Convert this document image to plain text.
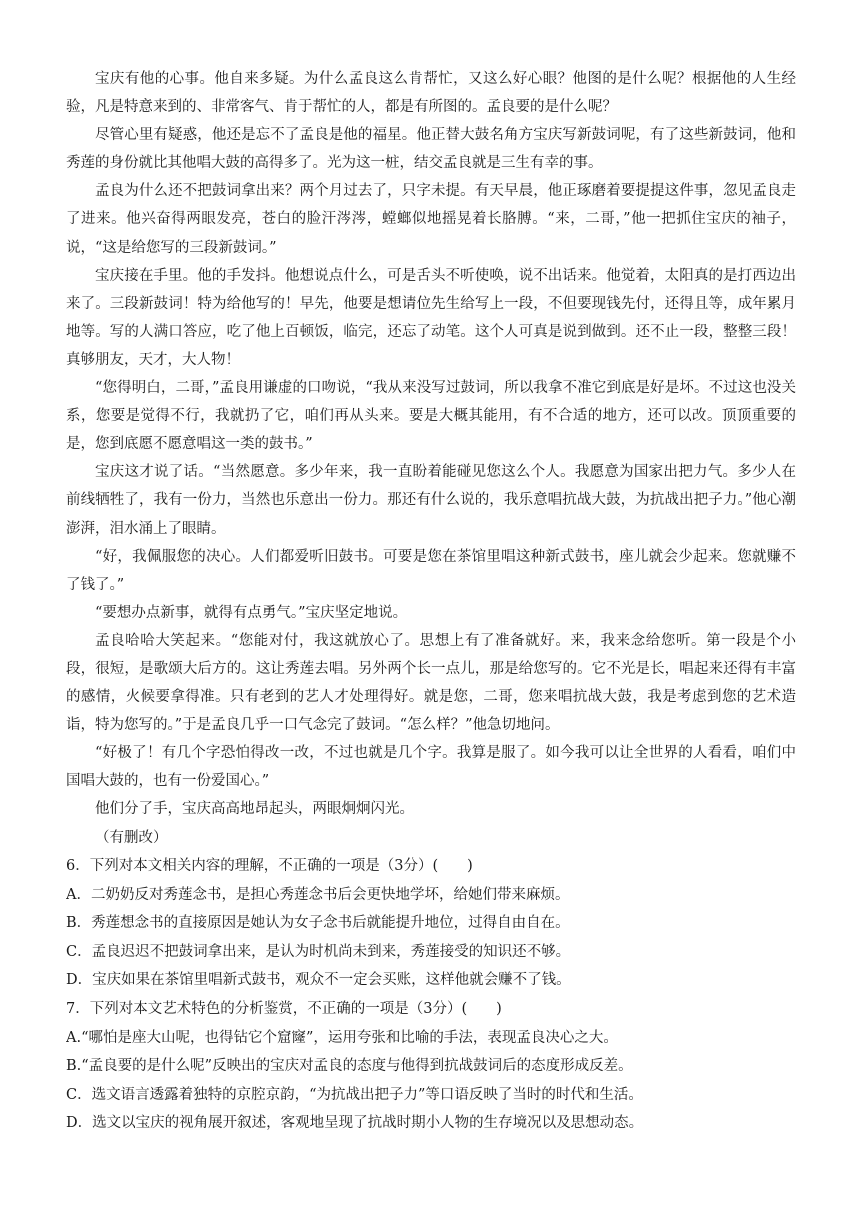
宝庆有他的心事。他自来多疑。为什么孟良这么肯帮忙，又这么好心眼？他图的是什么呢？根据他的人生经验，凡是特意来到的、非常客气、肯于帮忙的人，都是有所图的。孟良要的是什么呢？

尽管心里有疑惑，他还是忘不了孟良是他的福星。他正替大鼓名角方宝庆写新鼓词呢，有了这些新鼓词，他和秀莲的身份就比其他唱大鼓的高得多了。光为这一桩，结交孟良就是三生有幸的事。

孟良为什么还不把鼓词拿出来？两个月过去了，只字未提。有天早晨，他正琢磨着要提提这件事，忽见孟良走了进来。他兴奋得两眼发亮，苍白的脸汗涔涔，螳螂似地摇晃着长胳膊。“来，二哥，”他一把抓住宝庆的袖子，说，“这是给您写的三段新鼓词。”

宝庆接在手里。他的手发抖。他想说点什么，可是舌头不听使唤，说不出话来。他觉着，太阳真的是打西边出来了。三段新鼓词！特为给他写的！早先，他要是想请位先生给写上一段，不但要现钱先付，还得且等，成年累月地等。写的人满口答应，吃了他上百顿饭，临完，还忘了动笔。这个人可真是说到做到。还不止一段，整整三段！真够朋友，天才，大人物！

“您得明白，二哥，”孟良用谦虚的口吻说，“我从来没写过鼓词，所以我拿不准它到底是好是坏。不过这也没关系，您要是觉得不行，我就扔了它，咱们再从头来。要是大概其能用，有不合适的地方，还可以改。顶顶重要的是，您到底愿不愿意唱这一类的鼓书。”

宝庆这才说了话。“当然愿意。多少年来，我一直盼着能碰见您这么个人。我愿意为国家出把力气。多少人在前线牺牲了，我有一份力，当然也乐意出一份力。那还有什么说的，我乐意唱抗战大鼓，为抗战出把子力。”他心潮澎湃，泪水涌上了眼睛。

“好，我佩服您的决心。人们都爱听旧鼓书。可要是您在茶馆里唱这种新式鼓书，座儿就会少起来。您就赚不了钱了。”

“要想办点新事，就得有点勇气。”宝庆坚定地说。

孟良哈哈大笑起来。“您能对付，我这就放心了。思想上有了准备就好。来，我来念给您听。第一段是个小段，很短，是歌颂大后方的。这让秀莲去唱。另外两个长一点儿，那是给您写的。它不光是长，唱起来还得有丰富的感情，火候要拿得准。只有老到的艺人才处理得好。就是您，二哥，您来唱抗战大鼓，我是考虑到您的艺术造诣，特为您写的。”于是孟良几乎一口气念完了鼓词。“怎么样？”他急切地问。

“好极了！有几个字恐怕得改一改，不过也就是几个字。我算是服了。如今我可以让全世界的人看看，咱们中国唱大鼓的，也有一份爱国心。”

他们分了手，宝庆高高地昂起头，两眼炯炯闪光。

（有删改）

6．下列对本文相关内容的理解，不正确的一项是（3分）(　　)

A．二奶奶反对秀莲念书，是担心秀莲念书后会更快地学坏，给她们带来麻烦。

B．秀莲想念书的直接原因是她认为女子念书后就能提升地位，过得自由自在。

C．孟良迟迟不把鼓词拿出来，是认为时机尚未到来，秀莲接受的知识还不够。

D．宝庆如果在茶馆里唱新式鼓书，观众不一定会买账，这样他就会赚不了钱。

7．下列对本文艺术特色的分析鉴赏，不正确的一项是（3分）(　　)

A.“哪怕是座大山呢，也得钻它个窟窿”，运用夸张和比喻的手法，表现孟良决心之大。

B.“孟良要的是什么呢”反映出的宝庆对孟良的态度与他得到抗战鼓词后的态度形成反差。

C．选文语言透露着独特的京腔京韵，“为抗战出把子力”等口语反映了当时的时代和生活。

D．选文以宝庆的视角展开叙述，客观地呈现了抗战时期小人物的生存境况以及思想动态。
